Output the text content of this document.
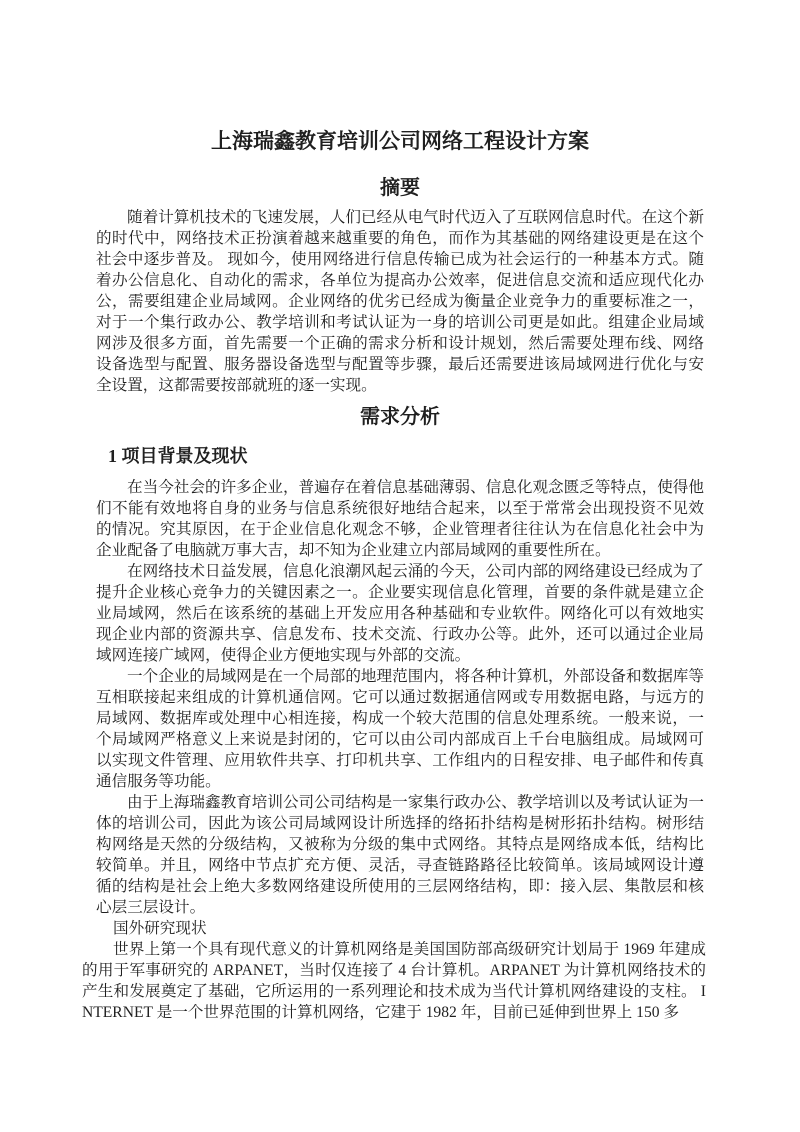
上海瑞鑫教育培训公司网络工程设计方案
摘要

随着计算机技术的飞速发展，人们已经从电气时代迈入了互联网信息时代。在这个新的时代中，网络技术正扮演着越来越重要的角色，而作为其基础的网络建设更是在这个社会中逐步普及。 现如今，使用网络进行信息传输已成为社会运行的一种基本方式。随着办公信息化、自动化的需求，各单位为提高办公效率，促进信息交流和适应现代化办公，需要组建企业局域网。企业网络的优劣已经成为衡量企业竞争力的重要标准之一，对于一个集行政办公、教学培训和考试认证为一身的培训公司更是如此。组建企业局域网涉及很多方面，首先需要一个正确的需求分析和设计规划，然后需要处理布线、网络设备选型与配置、服务器设备选型与配置等步骤，最后还需要进该局域网进行优化与安全设置，这都需要按部就班的逐一实现。

需求分析
1 项目背景及现状

在当今社会的许多企业，普遍存在着信息基础薄弱、信息化观念匮乏等特点，使得他们不能有效地将自身的业务与信息系统很好地结合起来，以至于常常会出现投资不见效的情况。究其原因，在于企业信息化观念不够，企业管理者往往认为在信息化社会中为企业配备了电脑就万事大吉，却不知为企业建立内部局域网的重要性所在。

在网络技术日益发展，信息化浪潮风起云涌的今天，公司内部的网络建设已经成为了提升企业核心竞争力的关键因素之一。企业要实现信息化管理，首要的条件就是建立企业局域网，然后在该系统的基础上开发应用各种基础和专业软件。网络化可以有效地实现企业内部的资源共享、信息发布、技术交流、行政办公等。此外，还可以通过企业局域网连接广域网，使得企业方便地实现与外部的交流。

一个企业的局域网是在一个局部的地理范围内，将各种计算机，外部设备和数据库等互相联接起来组成的计算机通信网。它可以通过数据通信网或专用数据电路，与远方的局域网、数据库或处理中心相连接，构成一个较大范围的信息处理系统。一般来说，一个局域网严格意义上来说是封闭的，它可以由公司内部成百上千台电脑组成。局域网可以实现文件管理、应用软件共享、打印机共享、工作组内的日程安排、电子邮件和传真通信服务等功能。

由于上海瑞鑫教育培训公司公司结构是一家集行政办公、教学培训以及考试认证为一体的培训公司，因此为该公司局域网设计所选择的络拓扑结构是树形拓扑结构。树形结构网络是天然的分级结构，又被称为分级的集中式网络。其特点是网络成本低，结构比较简单。并且，网络中节点扩充方便、灵活，寻查链路路径比较简单。该局域网设计遵循的结构是社会上绝大多数网络建设所使用的三层网络结构，即：接入层、集散层和核心层三层设计。

国外研究现状

世界上第一个具有现代意义的计算机网络是美国国防部高级研究计划局于 1969 年建成的用于军事研究的 ARPANET，当时仅连接了 4 台计算机。ARPANET 为计算机网络技术的产生和发展奠定了基础，它所运用的一系列理论和技术成为当代计算机网络建设的支柱。 INTERNET 是一个世界范围的计算机网络，它建于 1982 年，目前已延伸到世界上 150 多
